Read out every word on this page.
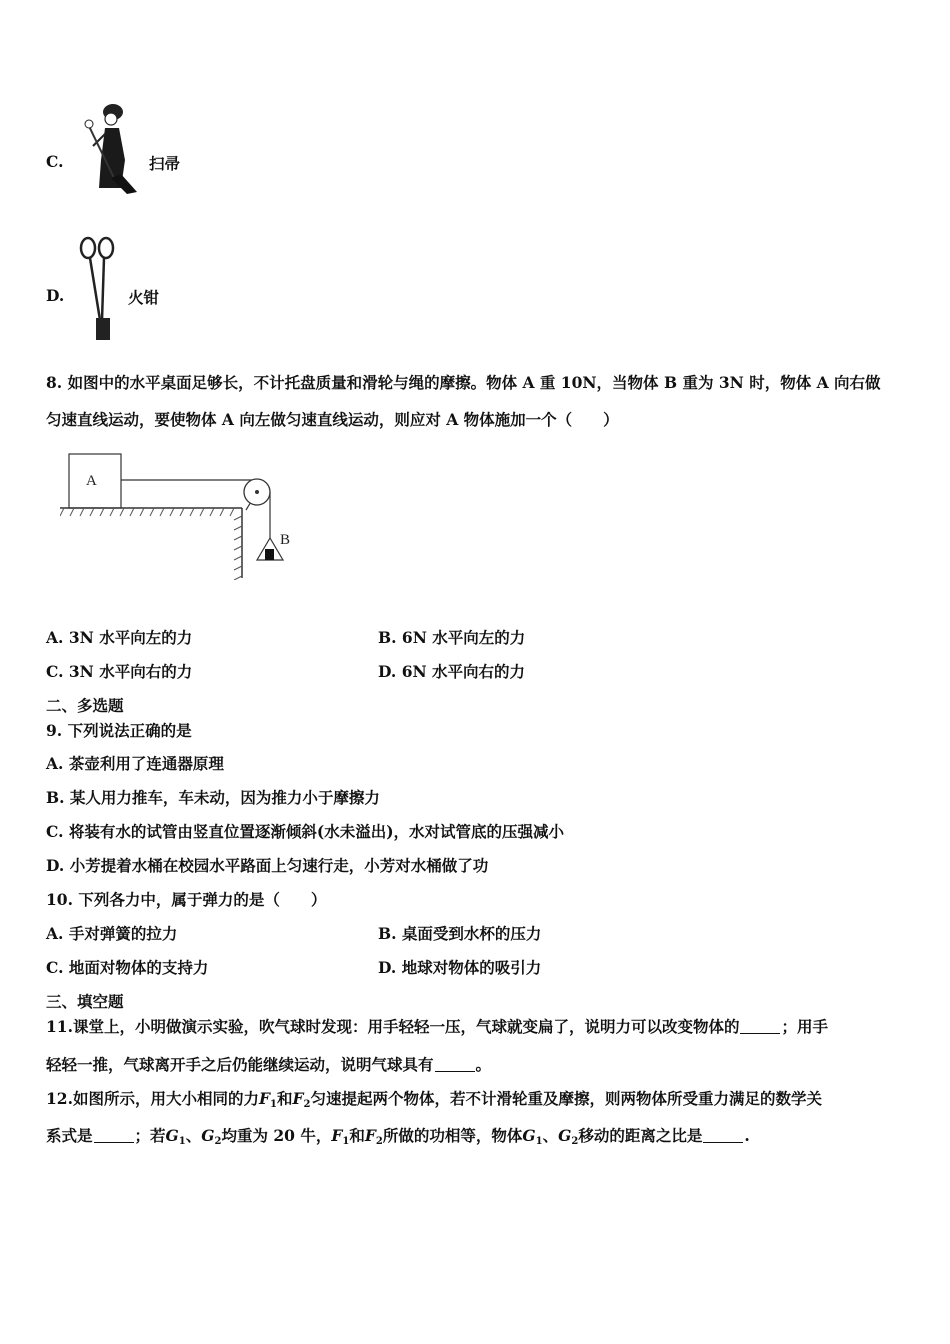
C.	扫帚
D.	火钳
8. 如图中的水平桌面足够长，不计托盘质量和滑轮与绳的摩擦。物体 A 重 10N，当物体 B 重为 3N 时，物体 A 向右做
匀速直线运动，要使物体 A 向左做匀速直线运动，则应对 A 物体施加一个（　　）
A
B
A. 3N 水平向左的力	B. 6N 水平向左的力
C. 3N 水平向右的力	D. 6N 水平向右的力
二、多选题
9. 下列说法正确的是
A. 茶壶利用了连通器原理
B. 某人用力推车，车未动，因为推力小于摩擦力
C. 将装有水的试管由竖直位置逐渐倾斜(水未溢出)，水对试管底的压强减小
D. 小芳提着水桶在校园水平路面上匀速行走，小芳对水桶做了功
10. 下列各力中，属于弹力的是（　　）
A. 手对弹簧的拉力	B. 桌面受到水杯的压力
C. 地面对物体的支持力	D. 地球对物体的吸引力
三、填空题
11.课堂上，小明做演示实验，吹气球时发现：用手轻轻一压，气球就变扁了，说明力可以改变物体的	；用手
轻轻一推，气球离开手之后仍能继续运动，说明气球具有	。
12.如图所示，用大小相同的力$F_1$和$F_2$匀速提起两个物体，若不计滑轮重及摩擦，则两物体所受重力满足的数学关
系式是	；若$G_1$、$G_2$均重为 20 牛，$F_1$和$F_2$所做的功相等，物体$G_1$、$G_2$移动的距离之比是	.
